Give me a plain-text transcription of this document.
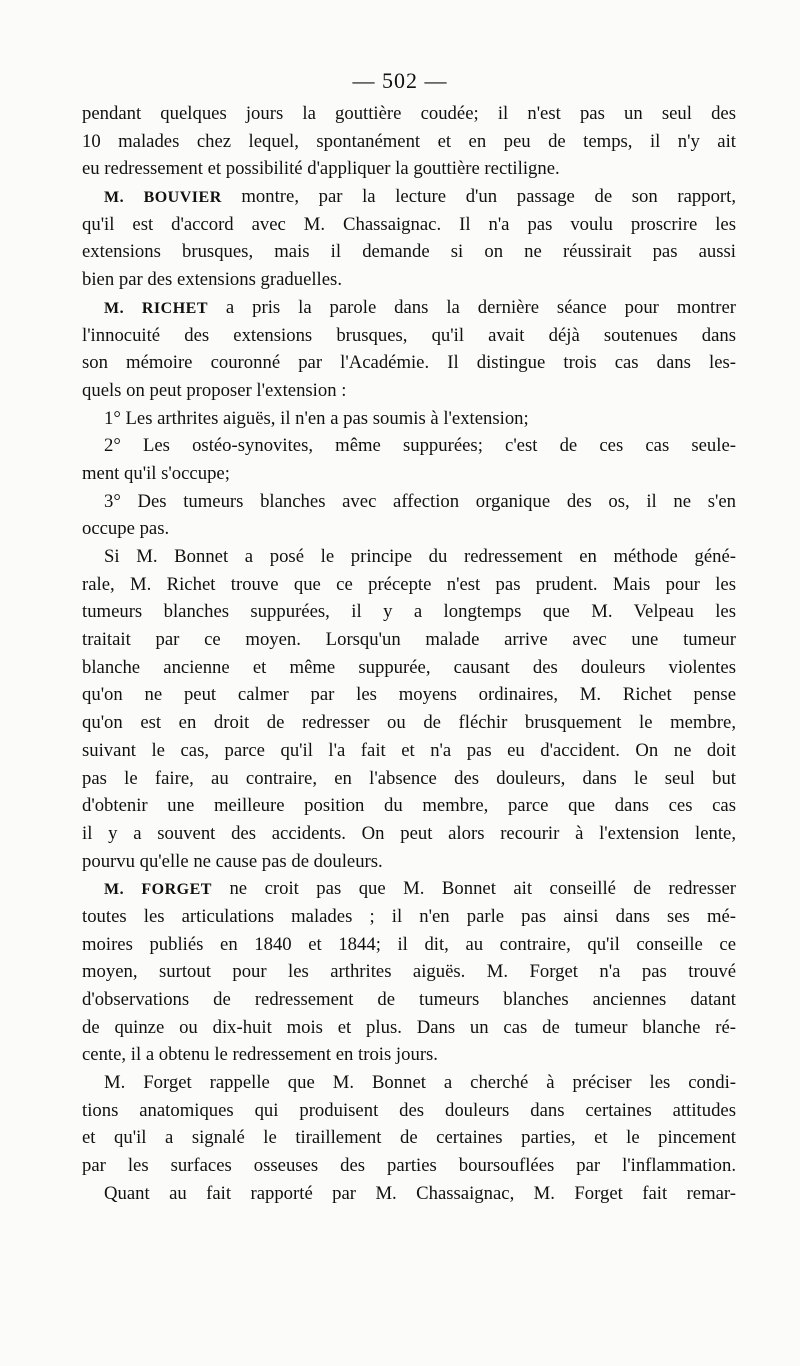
— 502 —
pendant quelques jours la gouttière coudée; il n'est pas un seul des
10 malades chez lequel, spontanément et en peu de temps, il n'y ait
eu redressement et possibilité d'appliquer la gouttière rectiligne.
M. BOUVIER montre, par la lecture d'un passage de son rapport,
qu'il est d'accord avec M. Chassaignac. Il n'a pas voulu proscrire les
extensions brusques, mais il demande si on ne réussirait pas aussi
bien par des extensions graduelles.
M. RICHET a pris la parole dans la dernière séance pour montrer
l'innocuité des extensions brusques, qu'il avait déjà soutenues dans
son mémoire couronné par l'Académie. Il distingue trois cas dans les-
quels on peut proposer l'extension :
1° Les arthrites aiguës, il n'en a pas soumis à l'extension;
2° Les ostéo-synovites, même suppurées; c'est de ces cas seule-
ment qu'il s'occupe;
3° Des tumeurs blanches avec affection organique des os, il ne s'en
occupe pas.
Si M. Bonnet a posé le principe du redressement en méthode géné-
rale, M. Richet trouve que ce précepte n'est pas prudent. Mais pour les
tumeurs blanches suppurées, il y a longtemps que M. Velpeau les
traitait par ce moyen. Lorsqu'un malade arrive avec une tumeur
blanche ancienne et même suppurée, causant des douleurs violentes
qu'on ne peut calmer par les moyens ordinaires, M. Richet pense
qu'on est en droit de redresser ou de fléchir brusquement le membre,
suivant le cas, parce qu'il l'a fait et n'a pas eu d'accident. On ne doit
pas le faire, au contraire, en l'absence des douleurs, dans le seul but
d'obtenir une meilleure position du membre, parce que dans ces cas
il y a souvent des accidents. On peut alors recourir à l'extension lente,
pourvu qu'elle ne cause pas de douleurs.
M. FORGET ne croit pas que M. Bonnet ait conseillé de redresser
toutes les articulations malades ; il n'en parle pas ainsi dans ses mé-
moires publiés en 1840 et 1844; il dit, au contraire, qu'il conseille ce
moyen, surtout pour les arthrites aiguës. M. Forget n'a pas trouvé
d'observations de redressement de tumeurs blanches anciennes datant
de quinze ou dix-huit mois et plus. Dans un cas de tumeur blanche ré-
cente, il a obtenu le redressement en trois jours.
M. Forget rappelle que M. Bonnet a cherché à préciser les condi-
tions anatomiques qui produisent des douleurs dans certaines attitudes
et qu'il a signalé le tiraillement de certaines parties, et le pincement
par les surfaces osseuses des parties boursouflées par l'inflammation.
Quant au fait rapporté par M. Chassaignac, M. Forget fait remar-
